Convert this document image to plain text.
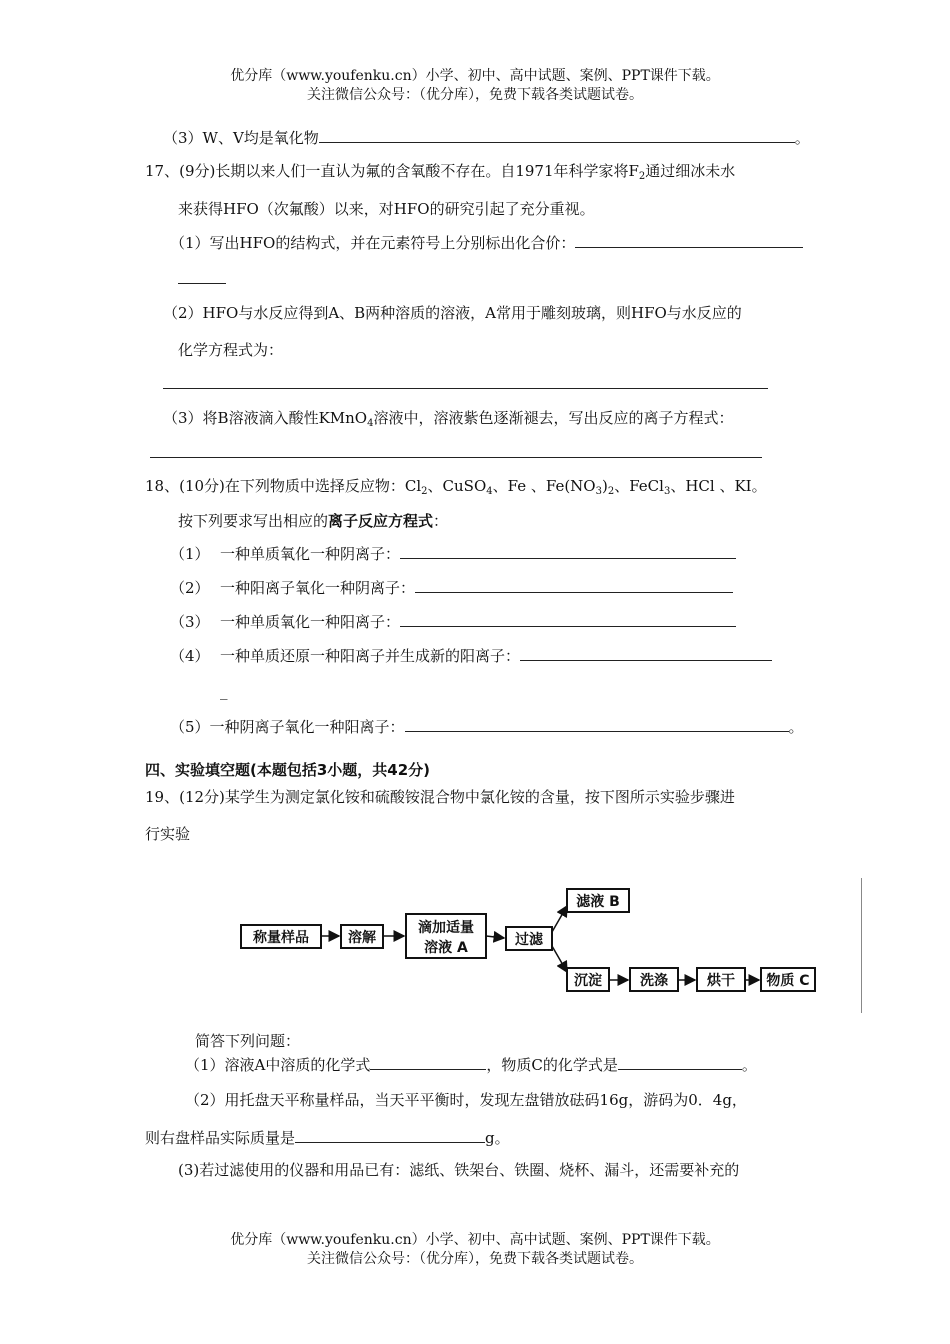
优分库（www.youfenku.cn）小学、初中、高中试题、案例、PPT课件下载。
关注微信公众号：（优分库），免费下载各类试题试卷。
（3）W、V均是氧化物	。
17、(9分)长期以来人们一直认为氟的含氧酸不存在。自1971年科学家将$F_2$通过细冰未水
来获得HFO（次氟酸）以来，对HFO的研究引起了充分重视。
（1）写出HFO的结构式，并在元素符号上分别标出化合价：
（2）HFO与水反应得到A、B两种溶质的溶液，A常用于雕刻玻璃，则HFO与水反应的
化学方程式为：
（3）将B溶液滴入酸性KMnO$_4$溶液中，溶液紫色逐渐褪去，写出反应的离子方程式：
18、(10分)在下列物质中选择反应物：$Cl_2$、CuSO$_4$、Fe 、$Fe(NO_3)_2$、FeCl$_3$、HCl 、KI。
按下列要求写出相应的离子反应方程式：
（1） 一种单质氧化一种阴离子：
（2） 一种阳离子氧化一种阴离子：
（3） 一种单质氧化一种阳离子：
（4） 一种单质还原一种阳离子并生成新的阳离子：
_
（5）一种阴离子氧化一种阳离子：	。
四、实验填空题(本题包括3小题，共42分)
19、(12分)某学生为测定氯化铵和硫酸铵混合物中氯化铵的含量，按下图所示实验步骤进
行实验
称量样品	溶解
滴加适量
溶液 A	过滤
滤液 B
沉淀	洗涤	烘干 物质 C
简答下列问题：
（1）溶液A中溶质的化学式	，物质C的化学式是	。
（2）用托盘天平称量样品，当天平平衡时，发现左盘错放砝码16g，游码为0．4g，
则右盘样品实际质量是	g。
(3)若过滤使用的仪器和用品已有：滤纸、铁架台、铁圈、烧杯、漏斗，还需要补充的
优分库（www.youfenku.cn）小学、初中、高中试题、案例、PPT课件下载。
关注微信公众号：（优分库），免费下载各类试题试卷。
